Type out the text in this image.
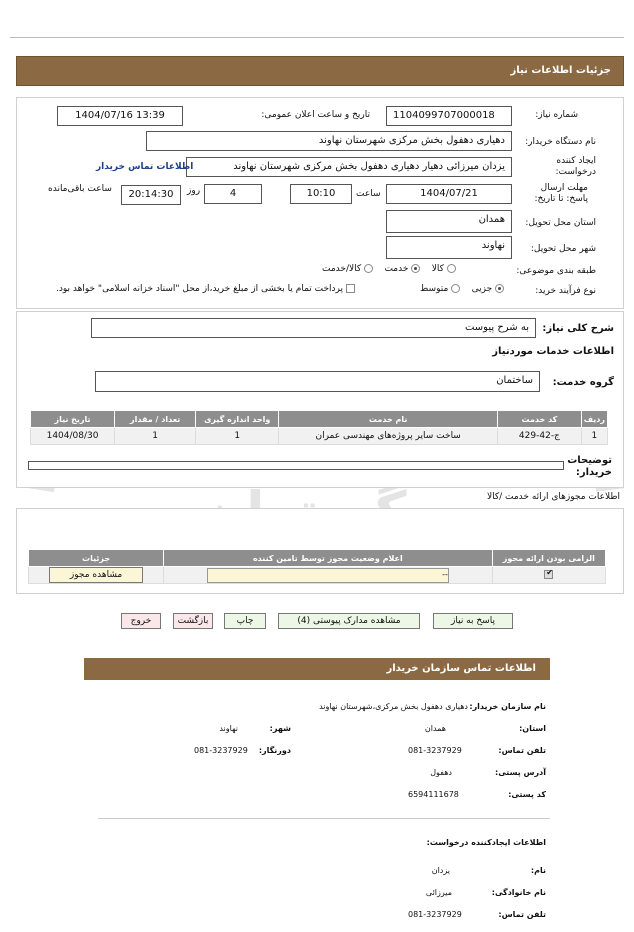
جزئیات اطلاعات نیاز
شماره نیاز:
1104099707000018
تاریخ و ساعت اعلان عمومی:
1404/07/16 13:39
نام دستگاه خریدار:
دهیاری دهفول بخش مرکزی شهرستان نهاوند
ایجاد کننده درخواست:
یزدان میرزائی دهیار دهیاری دهفول بخش مرکزی شهرستان نهاوند
اطلاعات تماس خریدار
مهلت ارسال پاسخ: تا تاریخ:
1404/07/21
ساعت
10:10
4
روز
20:14:30
ساعت باقی‌مانده
استان محل تحویل:
همدان
شهر محل تحویل:
نهاوند
طبقه بندی موضوعی:
کالا     خدمت     کالا/خدمت
نوع فرآیند خرید:
جزیی     متوسط
پرداخت تمام یا بخشی از مبلغ خرید،از محل "اسناد خزانه اسلامی" خواهد بود.
شرح کلی نیاز:
به شرح پیوست
اطلاعات خدمات موردنیاز
گروه خدمت:
ساختمان
ردیف	کد خدمت	نام خدمت	واحد اندازه گیری	تعداد / مقدار	تاریخ نیاز
1	ج-42-429	ساخت سایر پروژه‌های مهندسی عمران	1	1	1404/08/30
توضیحات خریدار:
اطلاعات مجوزهای ارائه خدمت /کالا
الزامی بودن ارائه مجوز	اعلام وضعیت مجوز توسط تامین کننده	جزئیات

✔	--	مشاهده مجوز
پاسخ به نیاز
مشاهده مدارک پیوستی (4)
چاپ
بازگشت
خروج
اطلاعات تماس سازمان خریدار
نام سازمان خریدار:
دهیاری دهفول بخش مرکزی،شهرستان نهاوند
استان:
همدان
شهر:
نهاوند
تلفن تماس:
081-3237929
دورنگار:
081-3237929
آدرس پستی:
دهفول
کد پستی:
6594111678
اطلاعات ایجادکننده درخواست:
نام:
یزدان
نام خانوادگی:
میرزائی
تلفن تماس:
081-3237929
